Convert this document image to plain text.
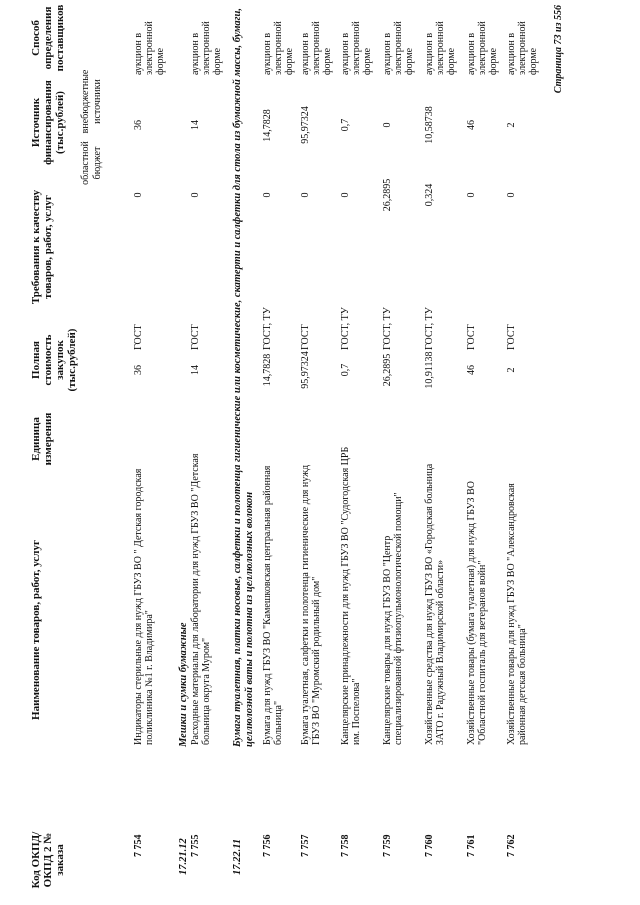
Код ОКПД/ ОКПД 2 № заказа
Наименование товаров, работ, услуг
Единица измерения
Полная стоимость закупок (тыс.рублей)
Требования к качеству товаров, работ, услуг
Источник финансирования (тыс.рублей)
областной бюджет
внебюджетные источники
Способ определения поставщиков
7 754
Индикаторы стерильные для нужд ГБУЗ ВО " Детская городская поликлиника №1 г. Владимира"
36
ГОСТ
0
36
аукцион в электронной форме
17.21.12
Мешки и сумки бумажные
7 755
Расходные материалы для лаборатории для нужд ГБУЗ ВО "Детская больница округа Муром"
14
ГОСТ
0
14
аукцион в электронной форме
17.22.11
Бумага туалетная, платки носовые, салфетки и полотенца гигиенические или косметические, скатерти и салфетки для стола из бумажной массы, бумаги, целлюлозной ваты и полотна из целлюлозных волокон
7 756
Бумага для нужд ГБУЗ ВО "Камешковская центральная районная больница"
14,7828
ГОСТ, ТУ
0
14,7828
аукцион в электронной форме
7 757
Бумага туалетная, салфетки и полотенца гигиенические для нужд ГБУЗ ВО "Муромский родильный дом"
95,97324
ГОСТ
0
95,97324
аукцион в электронной форме
7 758
Канцелярские принадлежности для нужд ГБУЗ ВО "Судогодская ЦРБ им. Поспелова"
0,7
ГОСТ, ТУ
0
0,7
аукцион в электронной форме
7 759
Канцелярские товары для нужд ГБУЗ ВО "Центр специализированной фтизиопульмонологической помощи"
26,2895
ГОСТ, ТУ
26,2895
0
аукцион в электронной форме
7 760
Хозяйственные средства для нужд ГБУЗ ВО «Городская больница ЗАТО г. Радужный Владимирской области»
10,91138
ГОСТ, ТУ
0,324
10,58738
аукцион в электронной форме
7 761
Хозяйственные товары (бумага туалетная) для нужд ГБУЗ ВО "Областной госпиталь для ветеранов войн"
46
ГОСТ
0
46
аукцион в электронной форме
7 762
Хозяйственные товары для нужд ГБУЗ ВО "Александровская районная детская больница"
2
ГОСТ
0
2
аукцион в электронной форме Страница 73 из 556
